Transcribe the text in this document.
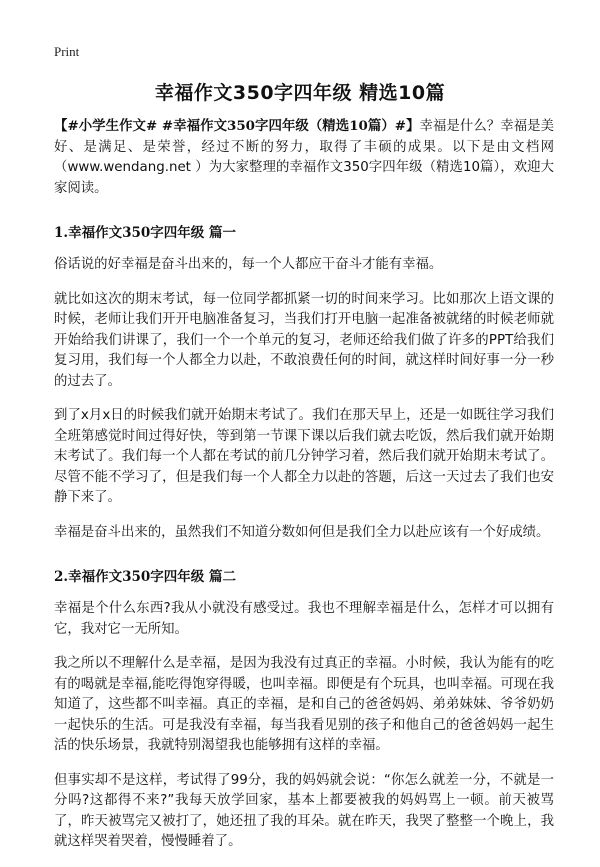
Print
幸福作文350字四年级 精选10篇

【#小学生作文# #幸福作文350字四年级（精选10篇）#】幸福是什么？幸福是美好、是满足、是荣誉，经过不断的努力，取得了丰硕的成果。以下是由文档网（www.wendang.net ）为大家整理的幸福作文350字四年级（精选10篇），欢迎大家阅读。

1.幸福作文350字四年级 篇一

俗话说的好幸福是奋斗出来的，每一个人都应干奋斗才能有幸福。

就比如这次的期末考试，每一位同学都抓紧一切的时间来学习。比如那次上语文课的时候，老师让我们开开电脑准备复习，当我们打开电脑一起准备被就绪的时候老师就开始给我们讲课了，我们一个一个单元的复习，老师还给我们做了许多的PPT给我们复习用，我们每一个人都全力以赴，不敢浪费任何的时间，就这样时间好事一分一秒的过去了。

到了x月x日的时候我们就开始期末考试了。我们在那天早上，还是一如既往学习我们全班第感觉时间过得好快，等到第一节课下课以后我们就去吃饭，然后我们就开始期末考试了。我们每一个人都在考试的前几分钟学习着，然后我们就开始期末考试了。尽管不能不学习了，但是我们每一个人都全力以赴的答题，后这一天过去了我们也安静下来了。

幸福是奋斗出来的，虽然我们不知道分数如何但是我们全力以赴应该有一个好成绩。

2.幸福作文350字四年级 篇二

幸福是个什么东西?我从小就没有感受过。我也不理解幸福是什么，怎样才可以拥有它，我对它一无所知。

我之所以不理解什么是幸福，是因为我没有过真正的幸福。小时候，我认为能有的吃有的喝就是幸福,能吃得饱穿得暖，也叫幸福。即便是有个玩具，也叫幸福。可现在我知道了，这些都不叫幸福。真正的幸福，是和自己的爸爸妈妈、弟弟妹妹、爷爷奶奶一起快乐的生活。可是我没有幸福，每当我看见别的孩子和他自己的爸爸妈妈一起生活的快乐场景，我就特别渴望我也能够拥有这样的幸福。

但事实却不是这样，考试得了99分，我的妈妈就会说：“你怎么就差一分，不就是一分吗?这都得不来?”我每天放学回家，基本上都要被我的妈妈骂上一顿。前天被骂了，昨天被骂完又被打了，她还扭了我的耳朵。就在昨天，我哭了整整一个晚上，我就这样哭着哭着，慢慢睡着了。
